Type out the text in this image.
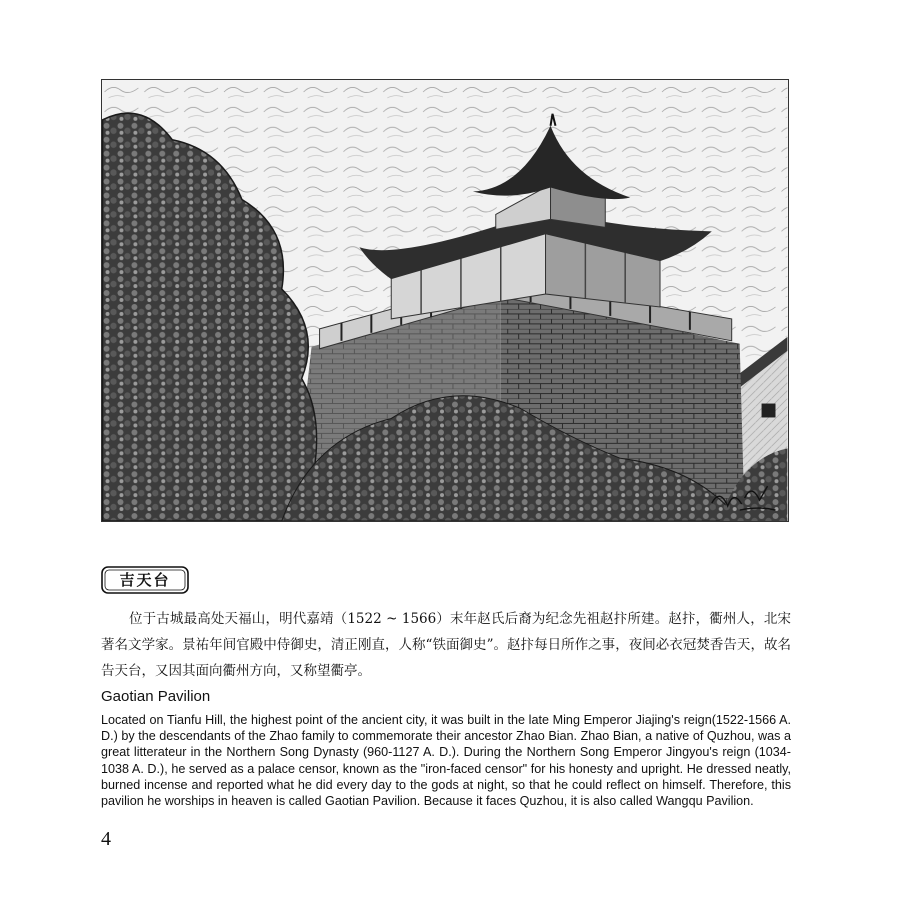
吉天台

位于古城最高处天福山，明代嘉靖（1522 ~ 1566）末年赵氏后裔为纪念先祖赵抃所建。赵抃，衢州人，北宋著名文学家。景祐年间官殿中侍御史，清正刚直，人称“铁面御史”。赵抃每日所作之事，夜间必衣冠焚香告天，故名告天台，又因其面向衢州方向，又称望衢亭。

Gaotian Pavilion

Located on Tianfu Hill, the highest point of the ancient city, it was built in the late Ming Emperor Jiajing's reign(1522-1566 A. D.) by the descendants of the Zhao family to commemorate their ancestor Zhao Bian. Zhao Bian, a native of Quzhou, was a great litterateur in the Northern Song Dynasty (960-1127 A. D.). During the Northern Song Emperor Jingyou's reign (1034-1038 A. D.), he served as a palace censor, known as the "iron-faced censor" for his honesty and upright. He dressed neatly, burned incense and reported what he did every day to the gods at night, so that he could reflect on himself. Therefore, this pavilion he worships in heaven is called Gaotian Pavilion. Because it faces Quzhou, it is also called Wangqu Pavilion.

4
